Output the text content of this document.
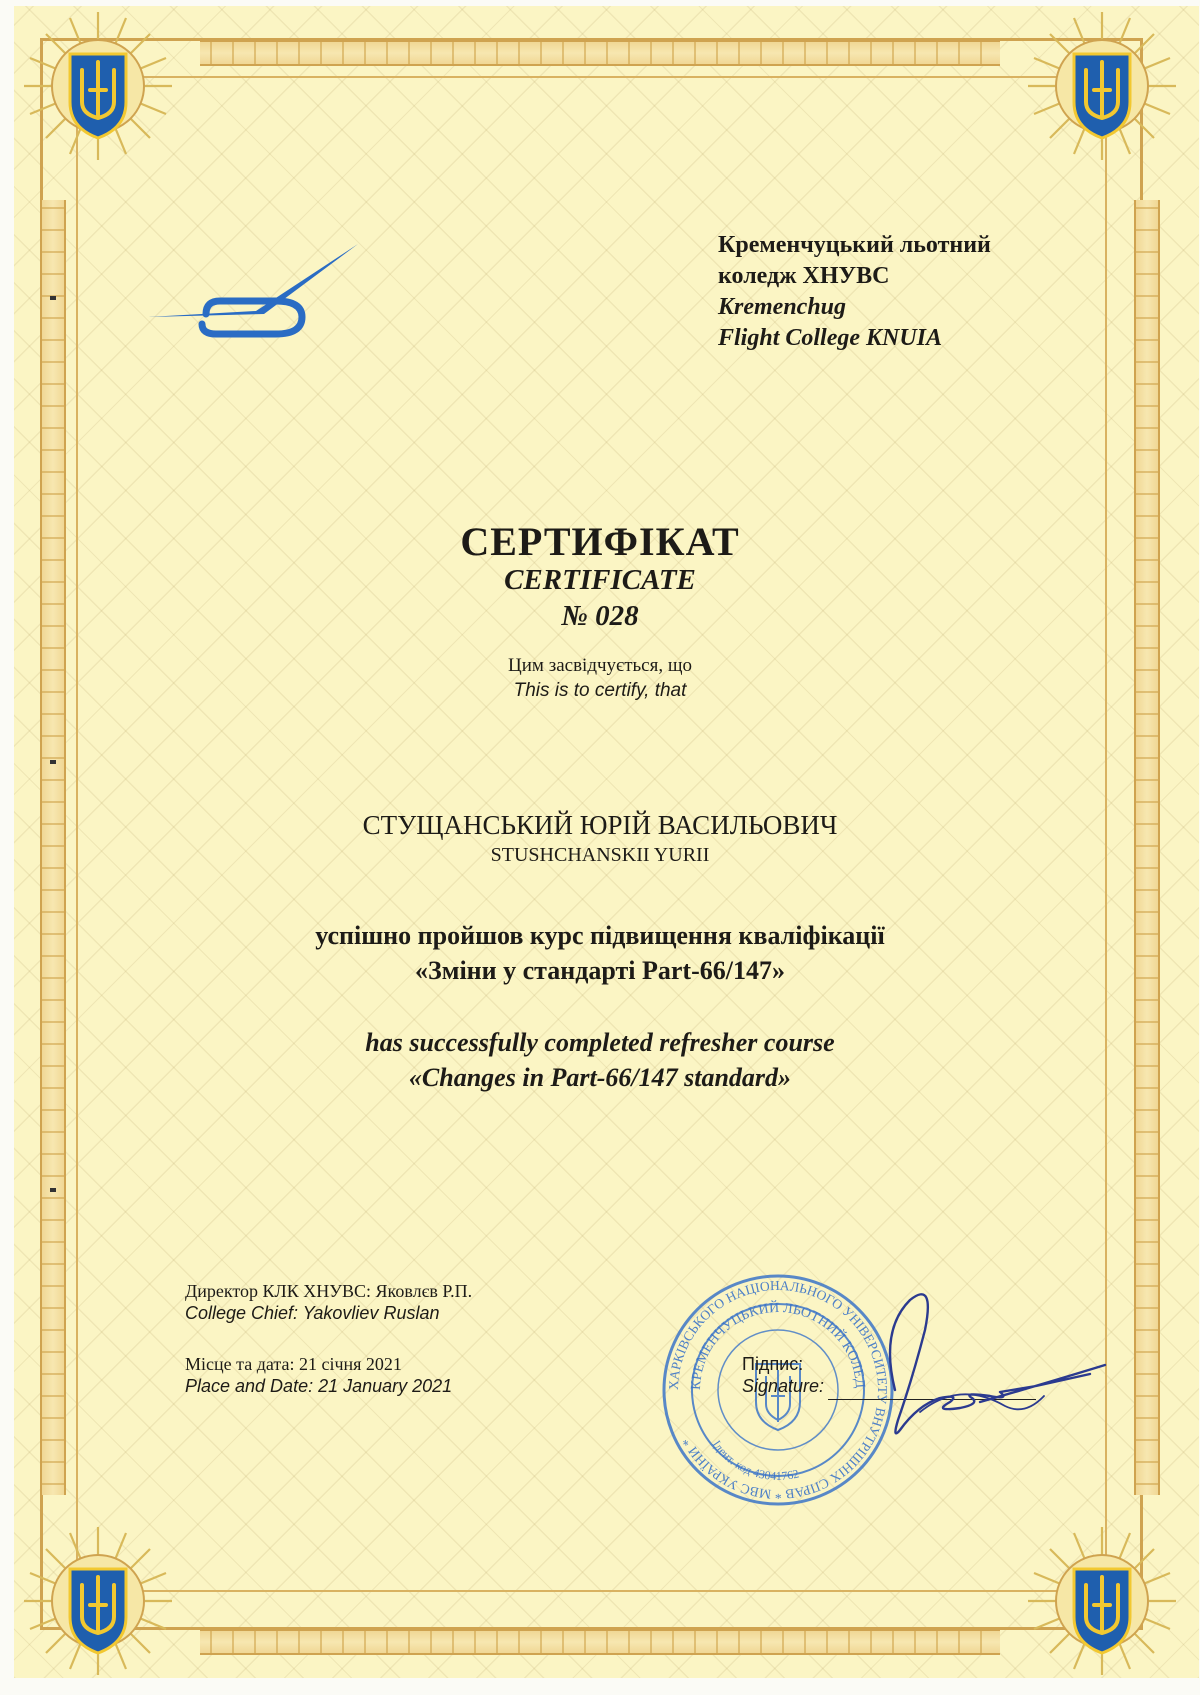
Кременчуцький льотний
коледж ХНУВС
Kremenchug
Flight College KNUIA
СЕРТИФІКАТ
CERTIFICATE
№ 028
Цим засвідчується, що
This is to certify, that
СТУЩАНСЬКИЙ ЮРІЙ ВАСИЛЬОВИЧ
STUSHCHANSKII YURII
успішно пройшов курс підвищення кваліфікації
«Зміни у стандарті Part-66/147»
has successfully completed refresher course
«Changes in Part-66/147 standard»
Директор КЛК ХНУВС: Яковлєв Р.П.
College Chief: Yakovliev Ruslan
Місце та дата: 21 січня 2021
Place and Date: 21 January 2021	ХАРКІВСЬКОГО НАЦІОНАЛЬНОГО УНІВЕРСИТЕТУ ВНУТРІШНІХ СПРАВ * МВС УКРАЇНИ *
КРЕМЕНЧУЦЬКИЙ ЛЬОТНИЙ КОЛЕД
Ідент. код 43041762
Підпис:
Signature:
